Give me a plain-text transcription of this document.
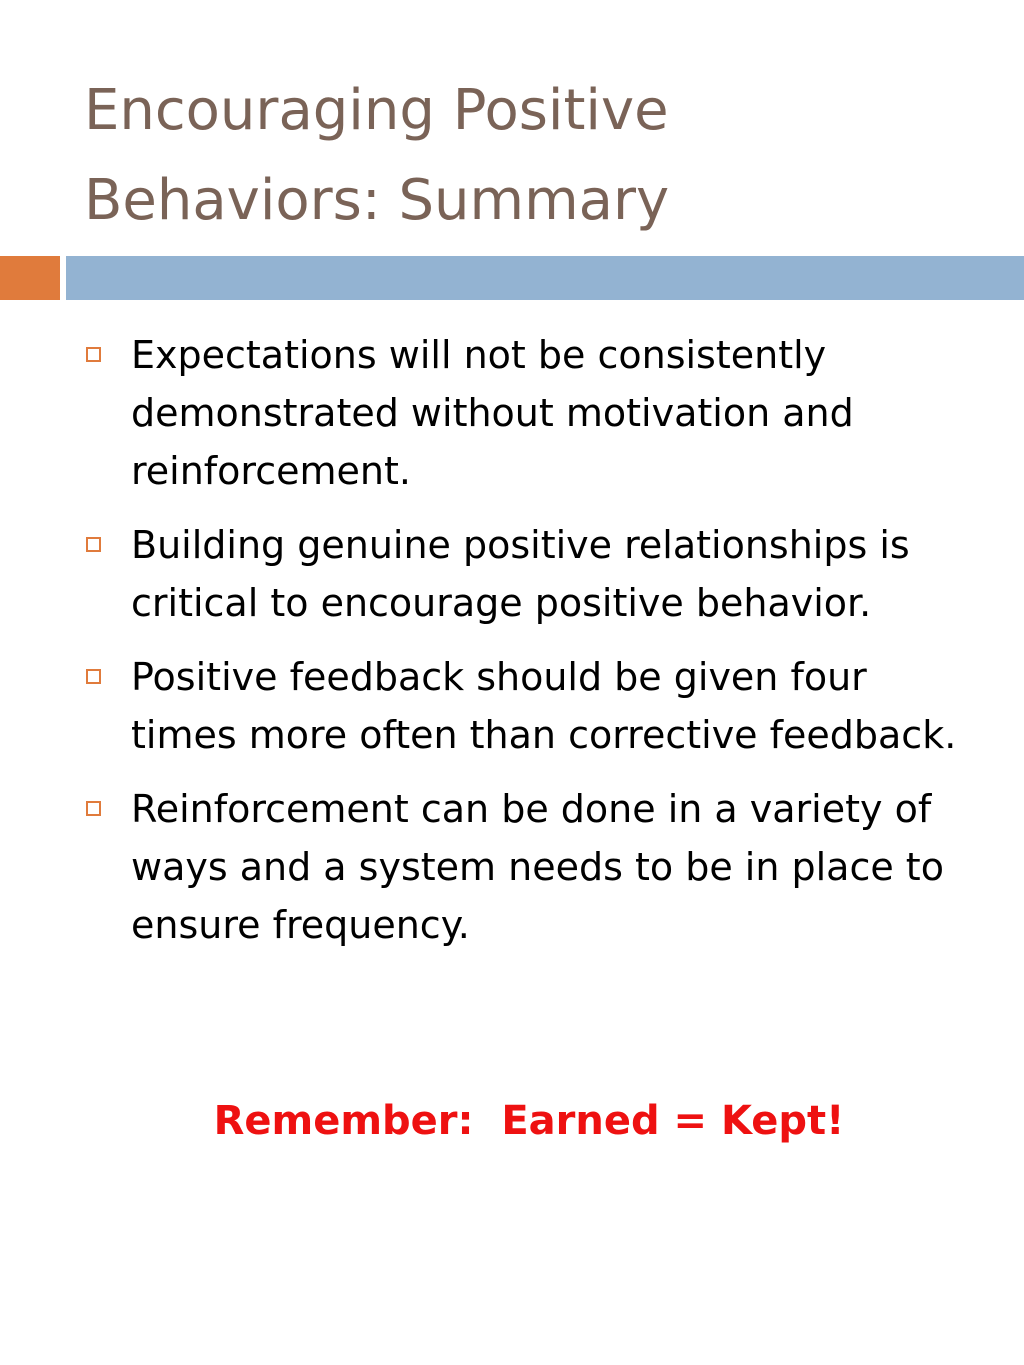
Encouraging Positive
Behaviors: Summary
Expectations will not be consistently demonstrated without motivation and reinforcement.
Building genuine positive relationships is critical to encourage positive behavior.
Positive feedback should be given four times more often than corrective feedback.
Reinforcement can be done in a variety of ways and a system needs to be in place to ensure frequency.

Remember:  Earned = Kept!
